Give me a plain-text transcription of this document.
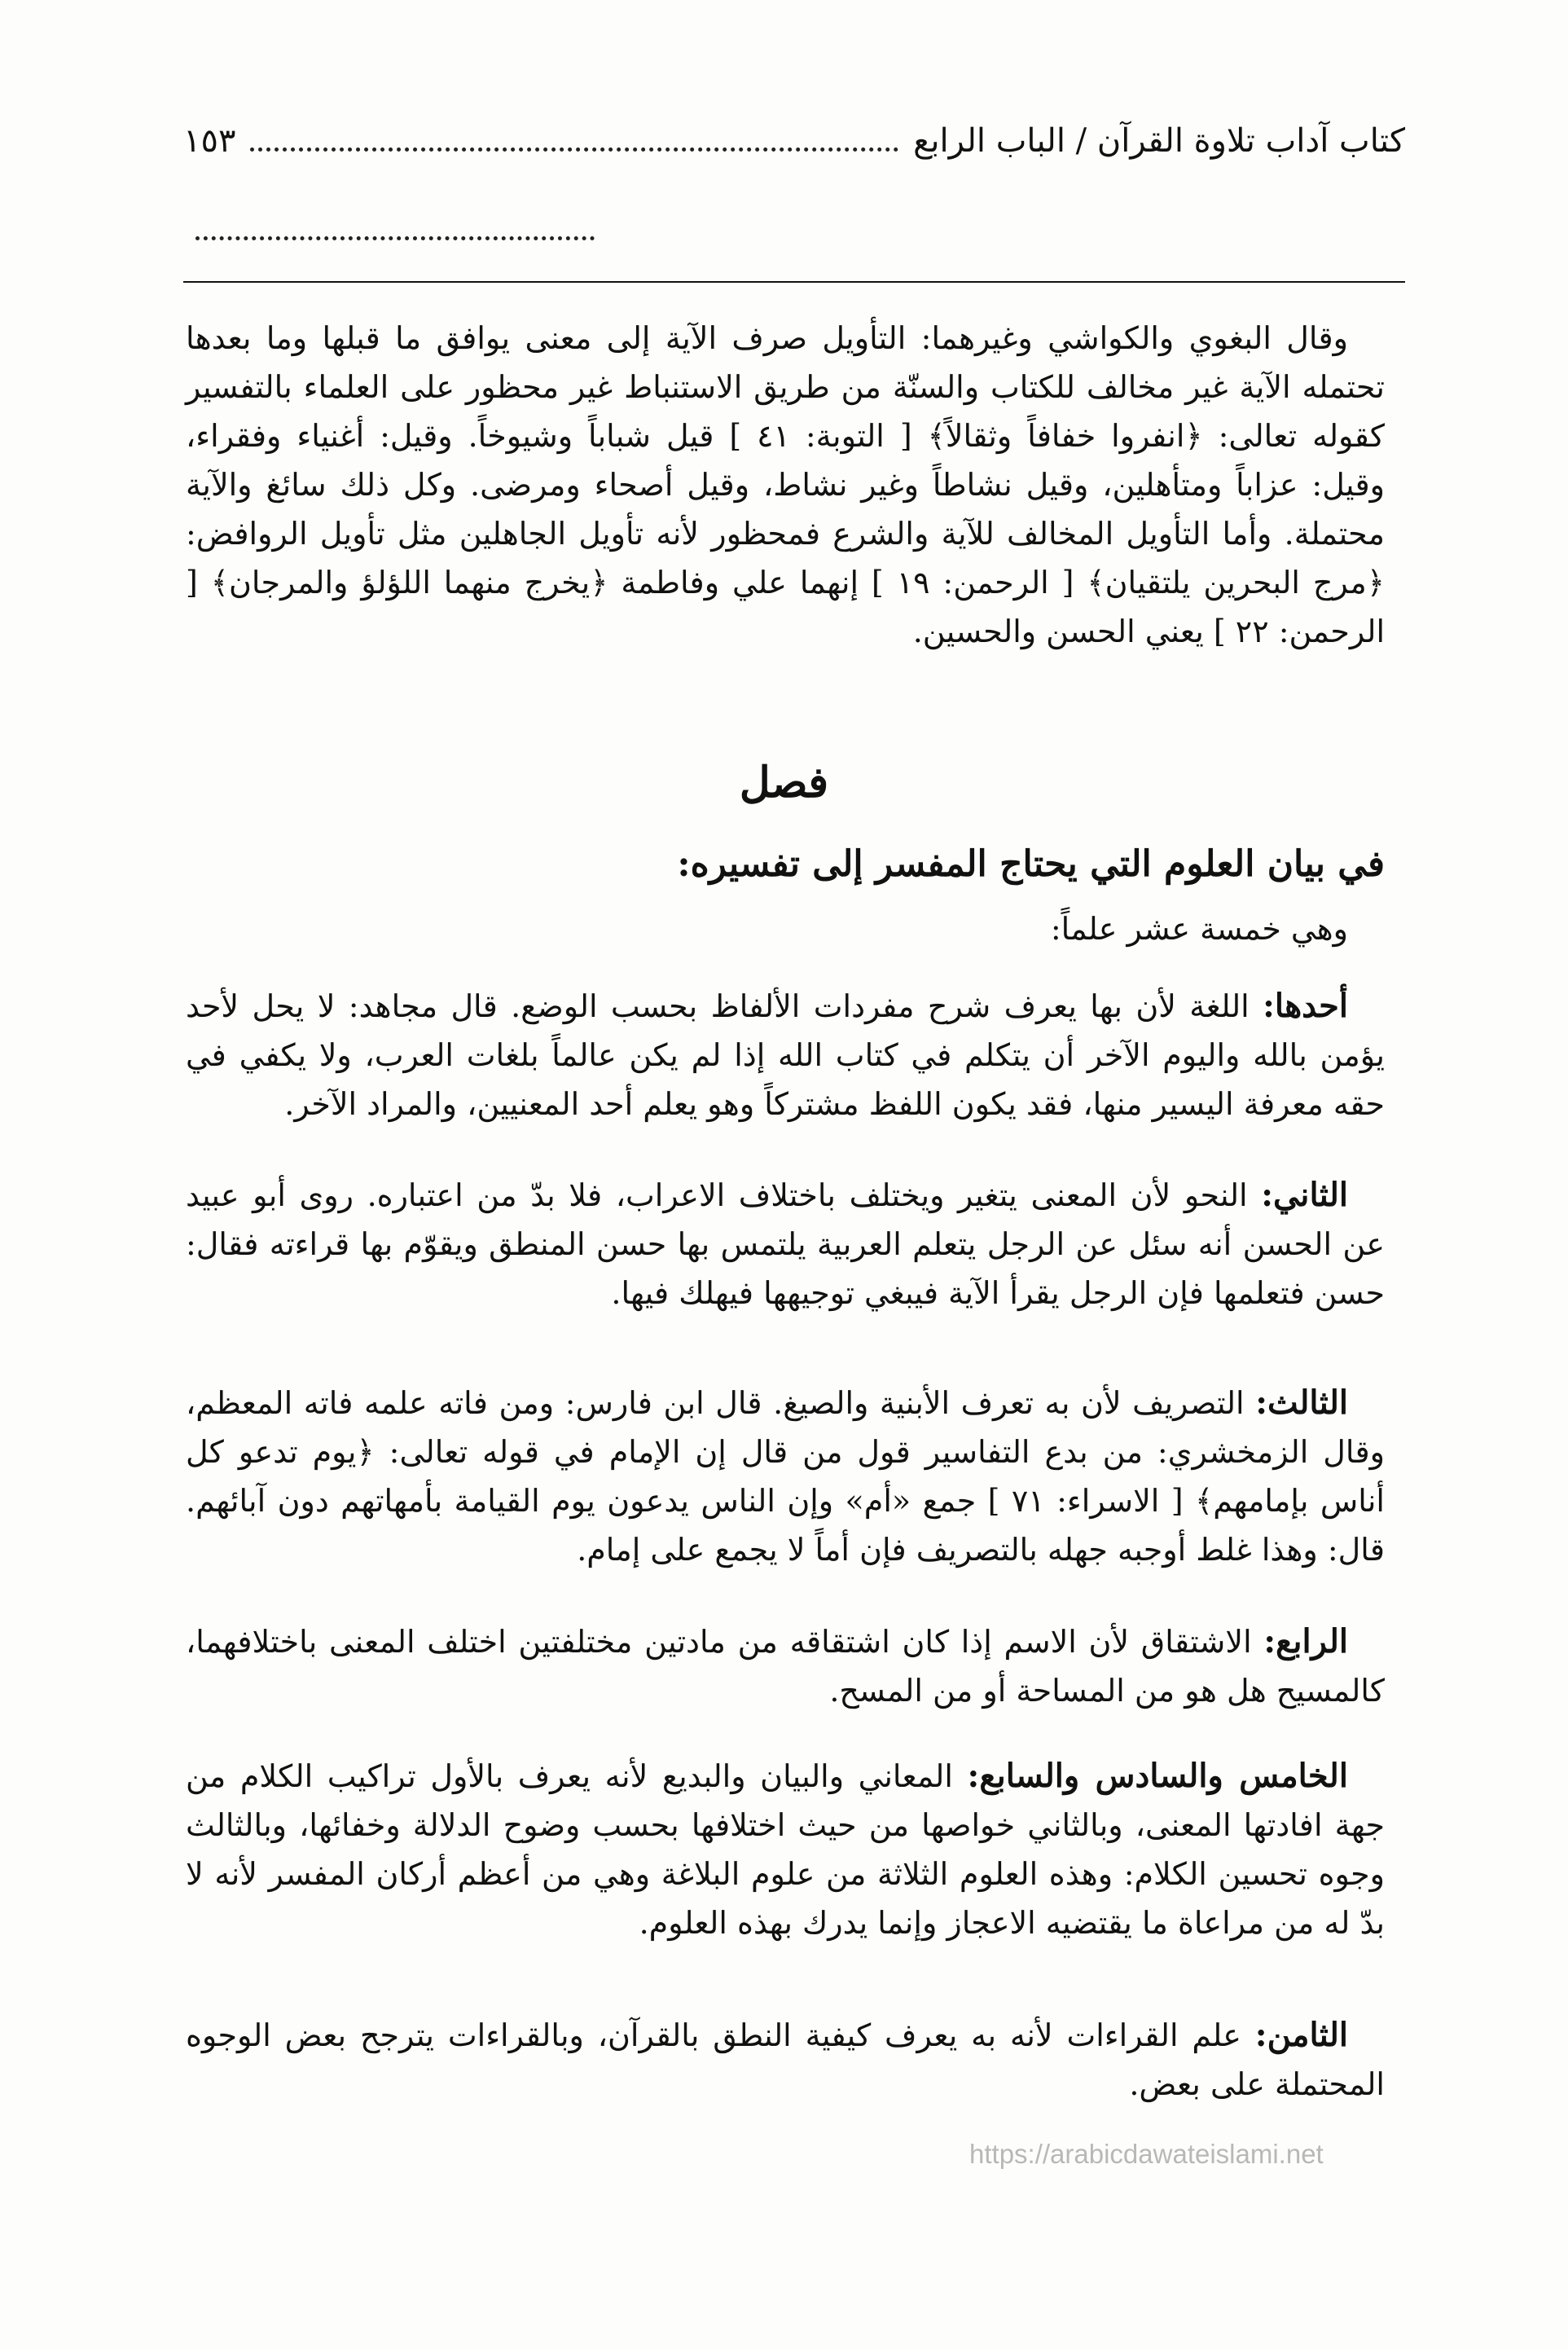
كتاب آداب تلاوة القرآن / الباب الرابع
١٥٣

وقال البغوي والكواشي وغيرهما: التأويل صرف الآية إلى معنى يوافق ما قبلها وما بعدها تحتمله الآية غير مخالف للكتاب والسنّة من طريق الاستنباط غير محظور على العلماء بالتفسير كقوله تعالى: ﴿انفروا خفافاً وثقالاً﴾ [ التوبة: ٤١ ] قيل شباباً وشيوخاً. وقيل: أغنياء وفقراء، وقيل: عزاباً ومتأهلين، وقيل نشاطاً وغير نشاط، وقيل أصحاء ومرضى. وكل ذلك سائغ والآية محتملة. وأما التأويل المخالف للآية والشرع فمحظور لأنه تأويل الجاهلين مثل تأويل الروافض: ﴿مرج البحرين يلتقيان﴾ [ الرحمن: ١٩ ] إنهما علي وفاطمة ﴿يخرج منهما اللؤلؤ والمرجان﴾ [ الرحمن: ٢٢ ] يعني الحسن والحسين.

فصل
في بيان العلوم التي يحتاج المفسر إلى تفسيره:
وهي خمسة عشر علماً:

أحدها: اللغة لأن بها يعرف شرح مفردات الألفاظ بحسب الوضع. قال مجاهد: لا يحل لأحد يؤمن بالله واليوم الآخر أن يتكلم في كتاب الله إذا لم يكن عالماً بلغات العرب، ولا يكفي في حقه معرفة اليسير منها، فقد يكون اللفظ مشتركاً وهو يعلم أحد المعنيين، والمراد الآخر.

الثاني: النحو لأن المعنى يتغير ويختلف باختلاف الاعراب، فلا بدّ من اعتباره. روى أبو عبيد عن الحسن أنه سئل عن الرجل يتعلم العربية يلتمس بها حسن المنطق ويقوّم بها قراءته فقال: حسن فتعلمها فإن الرجل يقرأ الآية فيبغي توجيهها فيهلك فيها.

الثالث: التصريف لأن به تعرف الأبنية والصيغ. قال ابن فارس: ومن فاته علمه فاته المعظم، وقال الزمخشري: من بدع التفاسير قول من قال إن الإمام في قوله تعالى: ﴿يوم تدعو كل أناس بإمامهم﴾ [ الاسراء: ٧١ ] جمع «أم» وإن الناس يدعون يوم القيامة بأمهاتهم دون آبائهم. قال: وهذا غلط أوجبه جهله بالتصريف فإن أماً لا يجمع على إمام.

الرابع: الاشتقاق لأن الاسم إذا كان اشتقاقه من مادتين مختلفتين اختلف المعنى باختلافهما، كالمسيح هل هو من المساحة أو من المسح.

الخامس والسادس والسابع: المعاني والبيان والبديع لأنه يعرف بالأول تراكيب الكلام من جهة افادتها المعنى، وبالثاني خواصها من حيث اختلافها بحسب وضوح الدلالة وخفائها، وبالثالث وجوه تحسين الكلام: وهذه العلوم الثلاثة من علوم البلاغة وهي من أعظم أركان المفسر لأنه لا بدّ له من مراعاة ما يقتضيه الاعجاز وإنما يدرك بهذه العلوم.

الثامن: علم القراءات لأنه به يعرف كيفية النطق بالقرآن، وبالقراءات يترجح بعض الوجوه المحتملة على بعض.

https://arabicdawateislami.net
